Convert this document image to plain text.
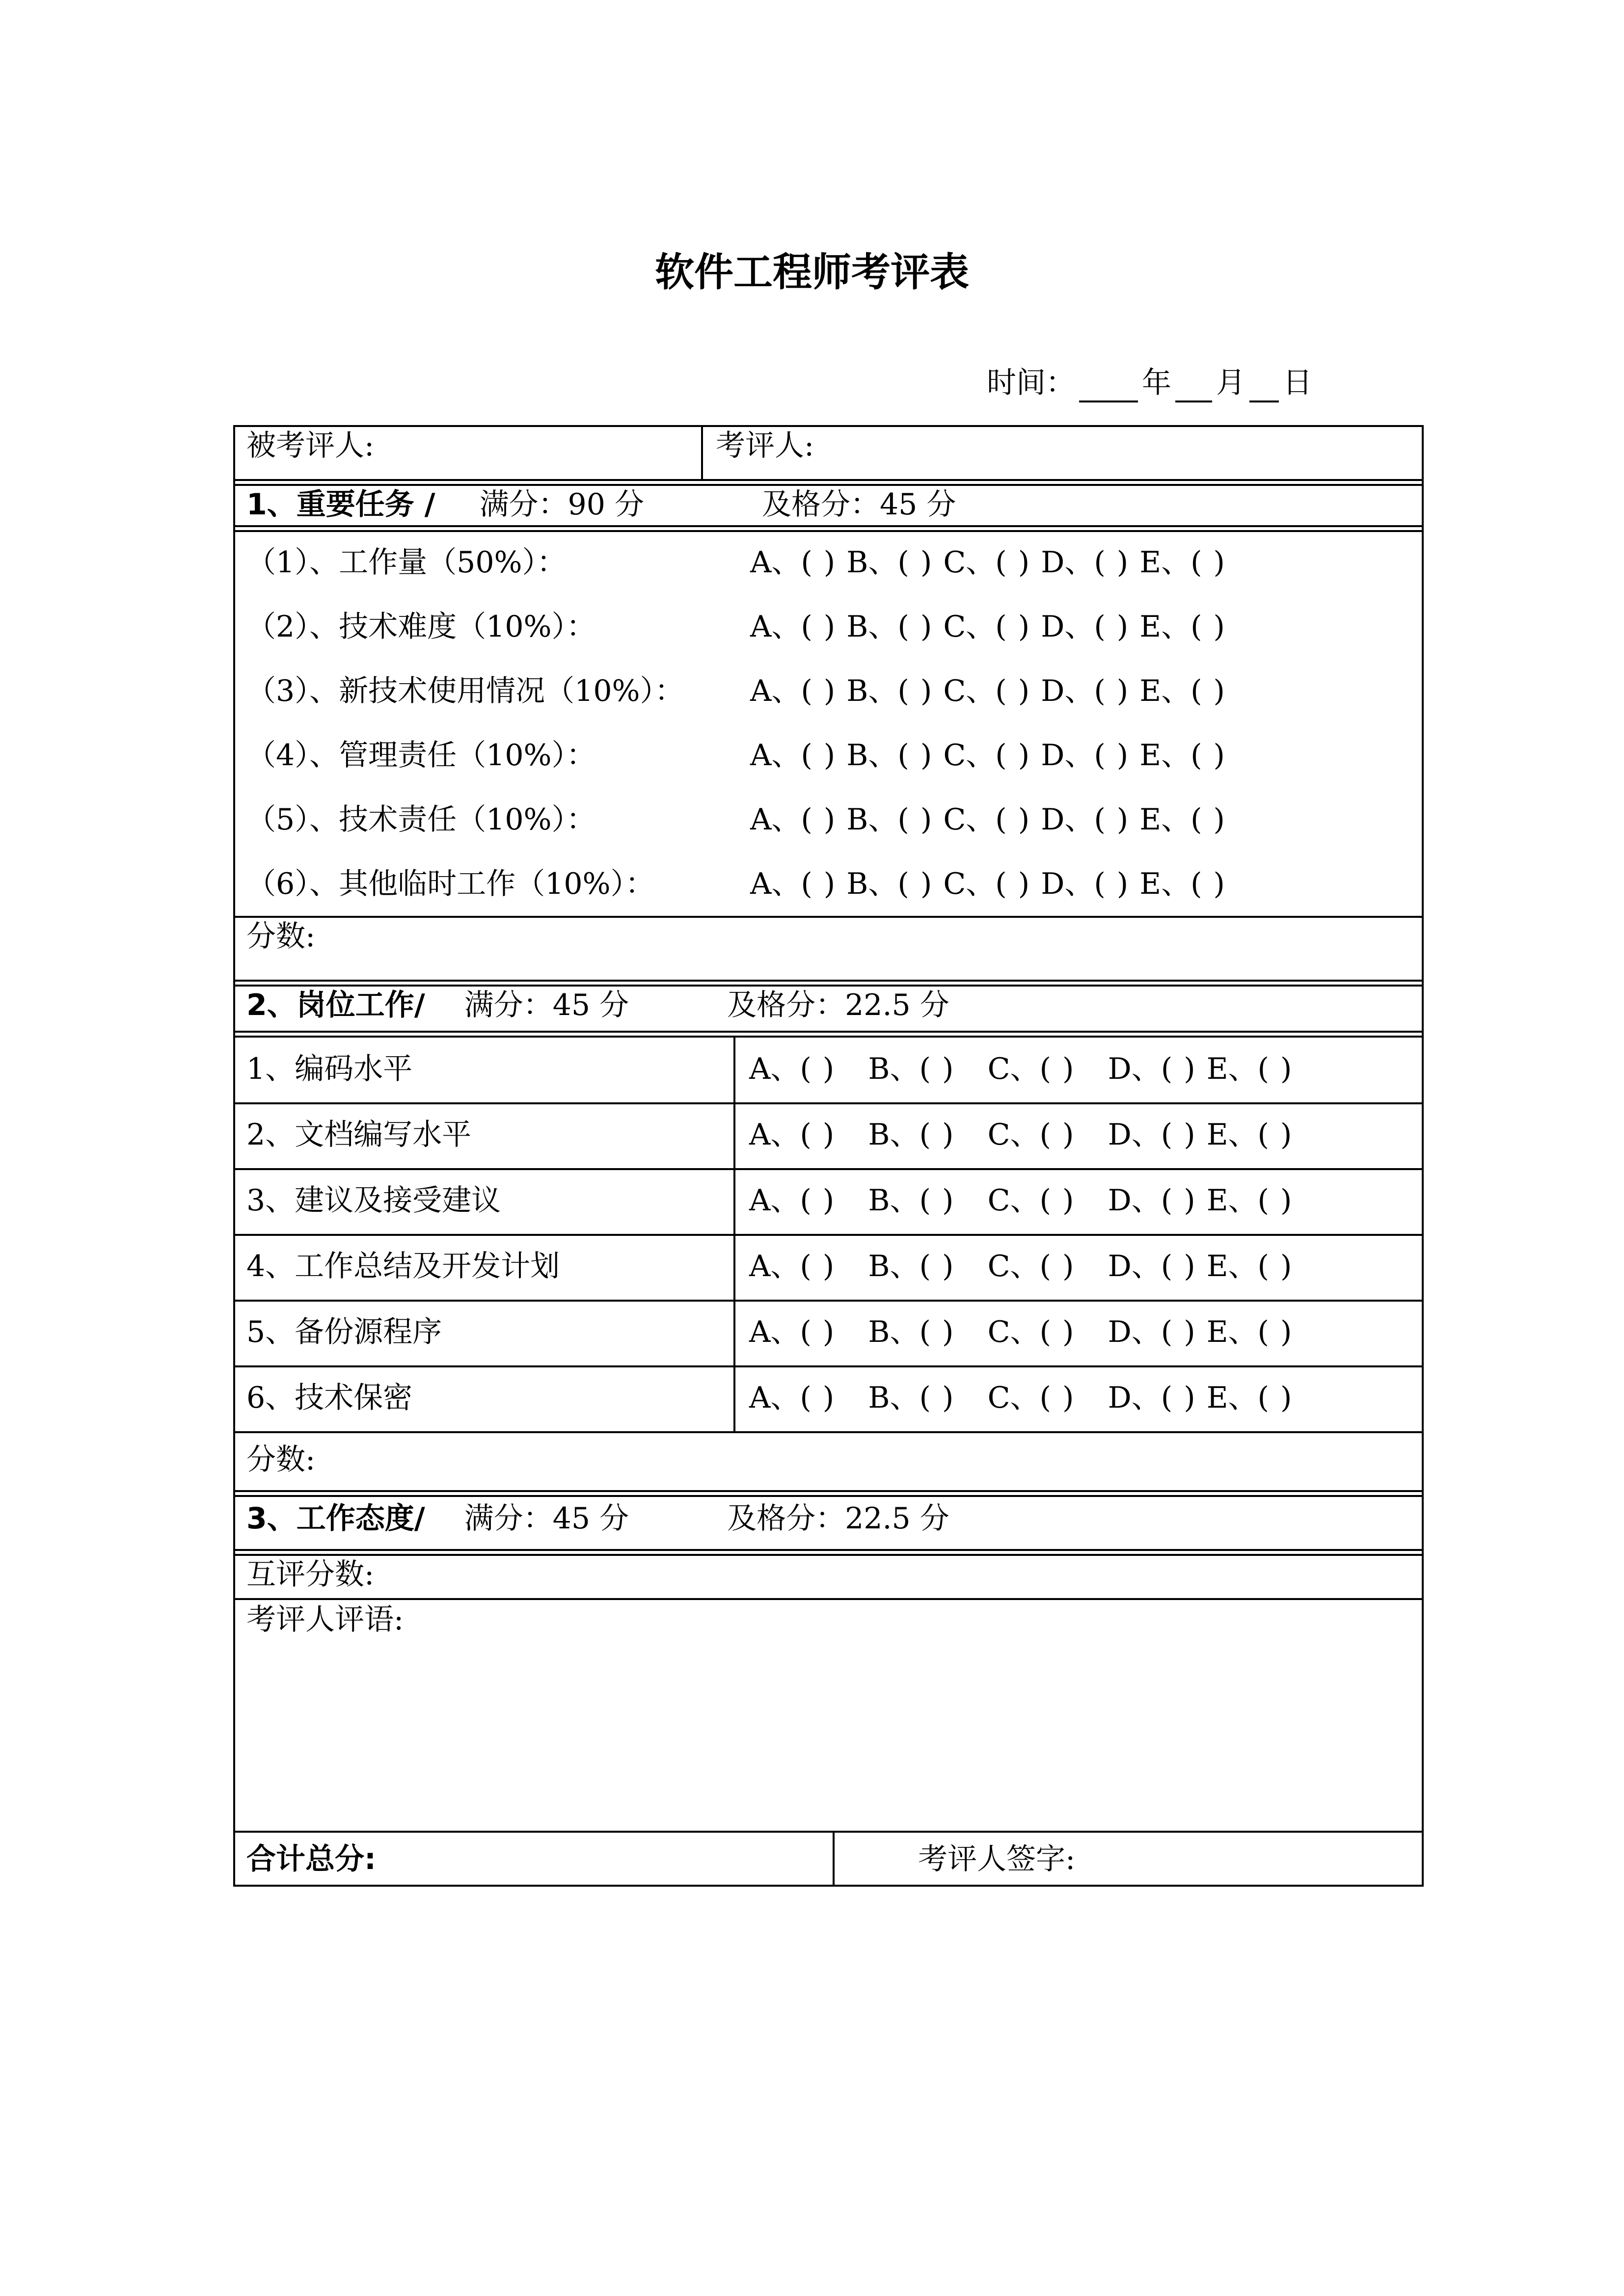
软件工程师考评表
时间： 年 月 日
被考评人:	考评人:
1、重要任务 / 满分：90 分	及格分：45 分
（1）、工作量（50%）：	A、( ) B、( ) C、( ) D、( ) E、( )
（2）、技术难度（10%）：	A、( ) B、( ) C、( ) D、( ) E、( )
（3）、新技术使用情况（10%）： A、( ) B、( ) C、( ) D、( ) E、( )
（4）、管理责任（10%）：	A、( ) B、( ) C、( ) D、( ) E、( )
（5）、技术责任（10%）：	A、( ) B、( ) C、( ) D、( ) E、( )
（6）、其他临时工作（10%）：	A、( ) B、( ) C、( ) D、( ) E、( )
分数:
2、岗位工作/ 满分：45 分	及格分：22.5 分
1、编码水平	A、( )   B、( )   C、( )   D、( ) E、( )
2、文档编写水平	A、( )   B、( )   C、( )   D、( ) E、( )
3、建议及接受建议	A、( )   B、( )   C、( )   D、( ) E、( )
4、工作总结及开发计划	A、( )   B、( )   C、( )   D、( ) E、( )
5、备份源程序	A、( )   B、( )   C、( )   D、( ) E、( )
6、技术保密	A、( )   B、( )   C、( )   D、( ) E、( )
分数:
3、工作态度/ 满分：45 分	及格分：22.5 分
互评分数:
考评人评语:
合计总分:	考评人签字:
